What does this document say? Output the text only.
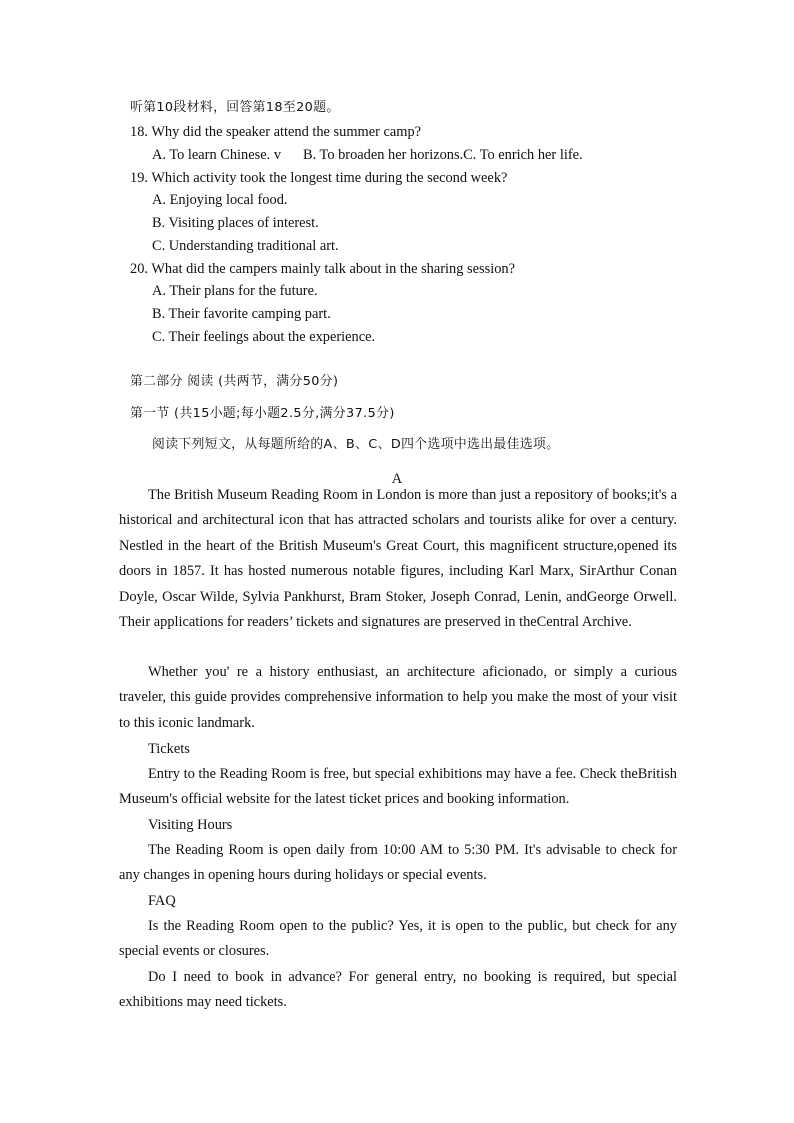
听第10段材料，回答第18至20题。
18. Why did the speaker attend the summer camp?
A. To learn Chinese. v B. To broaden her horizons.C. To enrich her life.
19. Which activity took the longest time during the second week?
A. Enjoying local food.
B. Visiting places of interest.
C. Understanding traditional art.
20. What did the campers mainly talk about in the sharing session?
A. Their plans for the future.
B. Their favorite camping part.
C. Their feelings about the experience.
第二部分 阅读 (共两节，满分50分)
第一节 (共15小题;每小题2.5分,满分37.5分)
阅读下列短文，从每题所给的A、B、C、D四个选项中选出最佳选项。
A
The British Museum Reading Room in London is more than just a repository of books;it's a historical and architectural icon that has attracted scholars and tourists alike for over a century. Nestled in the heart of the British Museum's Great Court, this magnificent structure,opened its doors in 1857. It has hosted numerous notable figures, including Karl Marx, SirArthur Conan Doyle, Oscar Wilde, Sylvia Pankhurst, Bram Stoker, Joseph Conrad, Lenin, andGeorge Orwell. Their applications for readers’ tickets and signatures are preserved in theCentral Archive.
Whether you' re a history enthusiast, an architecture aficionado, or simply a curious traveler, this guide provides comprehensive information to help you make the most of your visit to this iconic landmark.
Tickets
Entry to the Reading Room is free, but special exhibitions may have a fee. Check theBritish Museum's official website for the latest ticket prices and booking information.
Visiting Hours
The Reading Room is open daily from 10:00 AM to 5:30 PM. It's advisable to check for any changes in opening hours during holidays or special events.
FAQ
Is the Reading Room open to the public? Yes, it is open to the public, but check for any special events or closures.
Do I need to book in advance? For general entry, no booking is required, but special exhibitions may need tickets.
